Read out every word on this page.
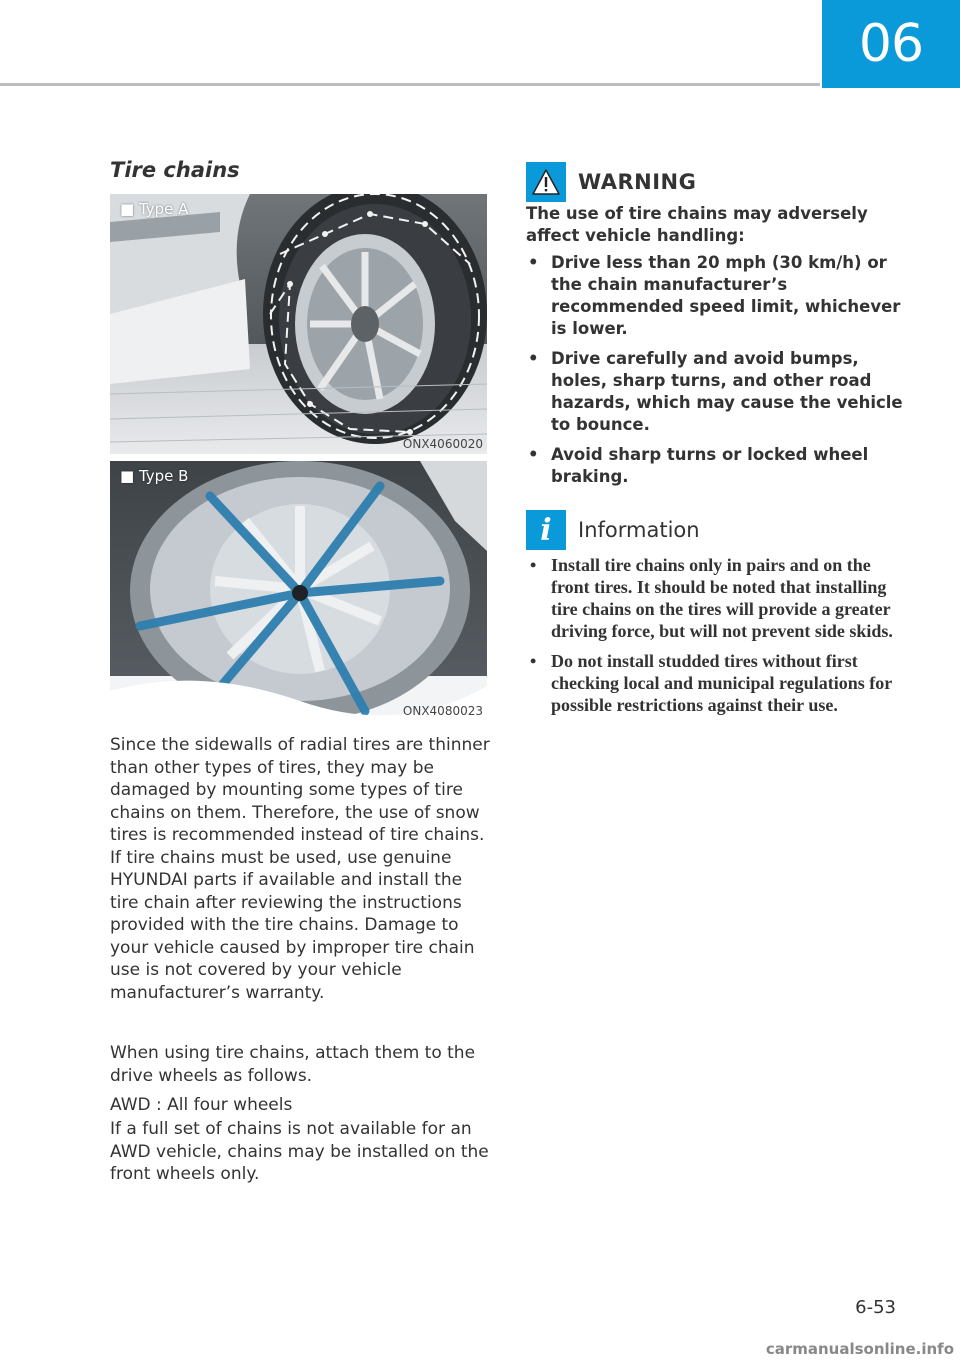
06
Tire chains
■ Type A
ONX4060020
■ Type B
ONX4080023

Since the sidewalls of radial tires are thinner than other types of tires, they may be damaged by mounting some types of tire chains on them. Therefore, the use of snow tires is recommended instead of tire chains. If tire chains must be used, use genuine HYUNDAI parts if available and install the tire chain after reviewing the instructions provided with the tire chains. Damage to your vehicle caused by improper tire chain use is not covered by your vehicle manufacturer’s warranty.

When using tire chains, attach them to the drive wheels as follows.

AWD : All four wheels

If a full set of chains is not available for an AWD vehicle, chains may be installed on the front wheels only.

WARNING

The use of tire chains may adversely affect vehicle handling:

• Drive less than 20 mph (30 km/h) or the chain manufacturer’s recommended speed limit, whichever is lower.
• Drive carefully and avoid bumps, holes, sharp turns, and other road hazards, which may cause the vehicle to bounce.
• Avoid sharp turns or locked wheel braking.
i	Information
• Install tire chains only in pairs and on the front tires. It should be noted that installing tire chains on the tires will provide a greater driving force, but will not prevent side skids.
• Do not install studded tires without first checking local and municipal regulations for possible restrictions against their use.
6-53
carmanualsonline.info
